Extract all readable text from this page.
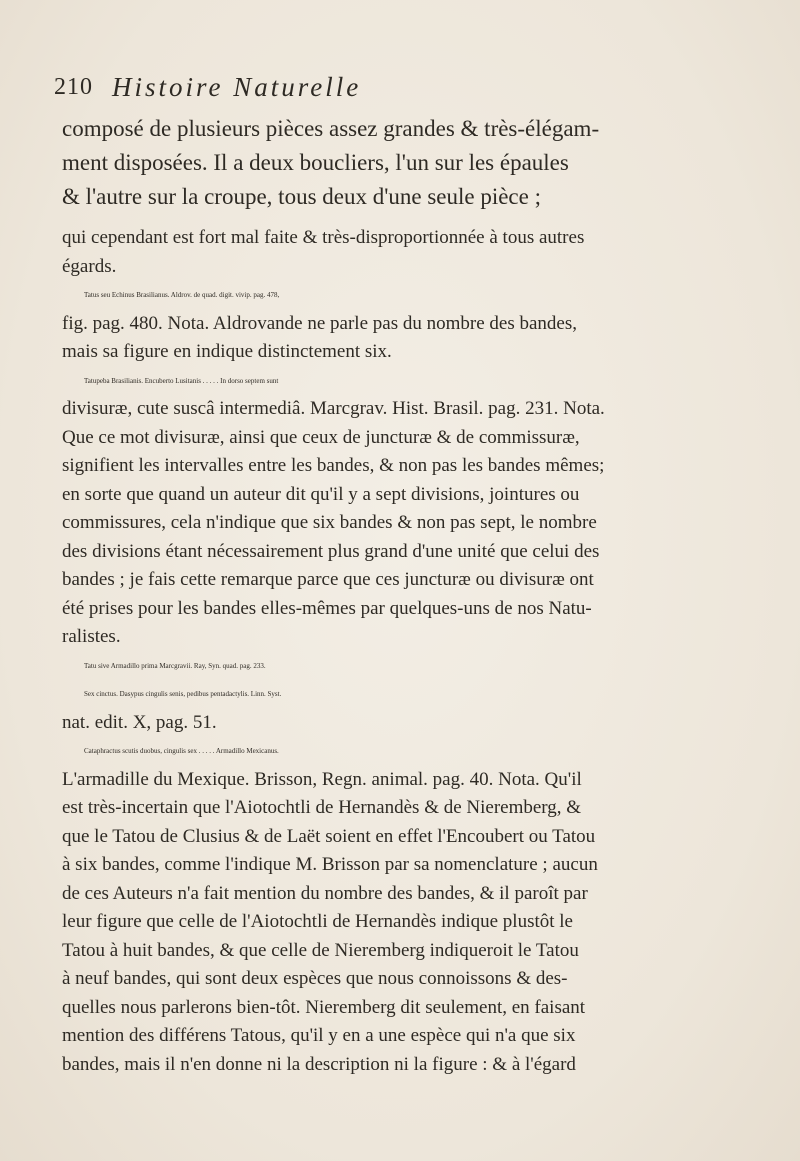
210 Histoire Naturelle

composé de plusieurs pièces assez grandes & très-élégam-
ment disposées. Il a deux boucliers, l'un sur les épaules
& l'autre sur la croupe, tous deux d'une seule pièce ;

qui cependant est fort mal faite & très-disproportionnée à tous autres
égards.
Tatus seu Echinus Brasilianus. Aldrov. de quad. digit. vivip. pag. 478,
fig. pag. 480. Nota. Aldrovande ne parle pas du nombre des bandes,
mais sa figure en indique distinctement six.
Tatupeba Brasilianis. Encuberto Lusitanis . . . . . In dorso septem sunt
divisuræ, cute suscâ intermediâ. Marcgrav. Hist. Brasil. pag. 231. Nota.
Que ce mot divisuræ, ainsi que ceux de juncturæ & de commissuræ,
signifient les intervalles entre les bandes, & non pas les bandes mêmes;
en sorte que quand un auteur dit qu'il y a sept divisions, jointures ou
commissures, cela n'indique que six bandes & non pas sept, le nombre
des divisions étant nécessairement plus grand d'une unité que celui des
bandes ; je fais cette remarque parce que ces juncturæ ou divisuræ ont
été prises pour les bandes elles-mêmes par quelques-uns de nos Natu-
ralistes.
Tatu sive Armadillo prima Marcgravii. Ray, Syn. quad. pag. 233.
Sex cinctus. Dasypus cingulis senis, pedibus pentadactylis. Linn. Syst.
nat. edit. X, pag. 51.
Cataphractus scutis duobus, cingulis sex . . . . . Armadillo Mexicanus.
L'armadille du Mexique. Brisson, Regn. animal. pag. 40. Nota. Qu'il
est très-incertain que l'Aiotochtli de Hernandès & de Nieremberg, &
que le Tatou de Clusius & de Laët soient en effet l'Encoubert ou Tatou
à six bandes, comme l'indique M. Brisson par sa nomenclature ; aucun
de ces Auteurs n'a fait mention du nombre des bandes, & il paroît par
leur figure que celle de l'Aiotochtli de Hernandès indique plustôt le
Tatou à huit bandes, & que celle de Nieremberg indiqueroit le Tatou
à neuf bandes, qui sont deux espèces que nous connoissons & des-
quelles nous parlerons bien-tôt. Nieremberg dit seulement, en faisant
mention des différens Tatous, qu'il y en a une espèce qui n'a que six
bandes, mais il n'en donne ni la description ni la figure : & à l'égard
